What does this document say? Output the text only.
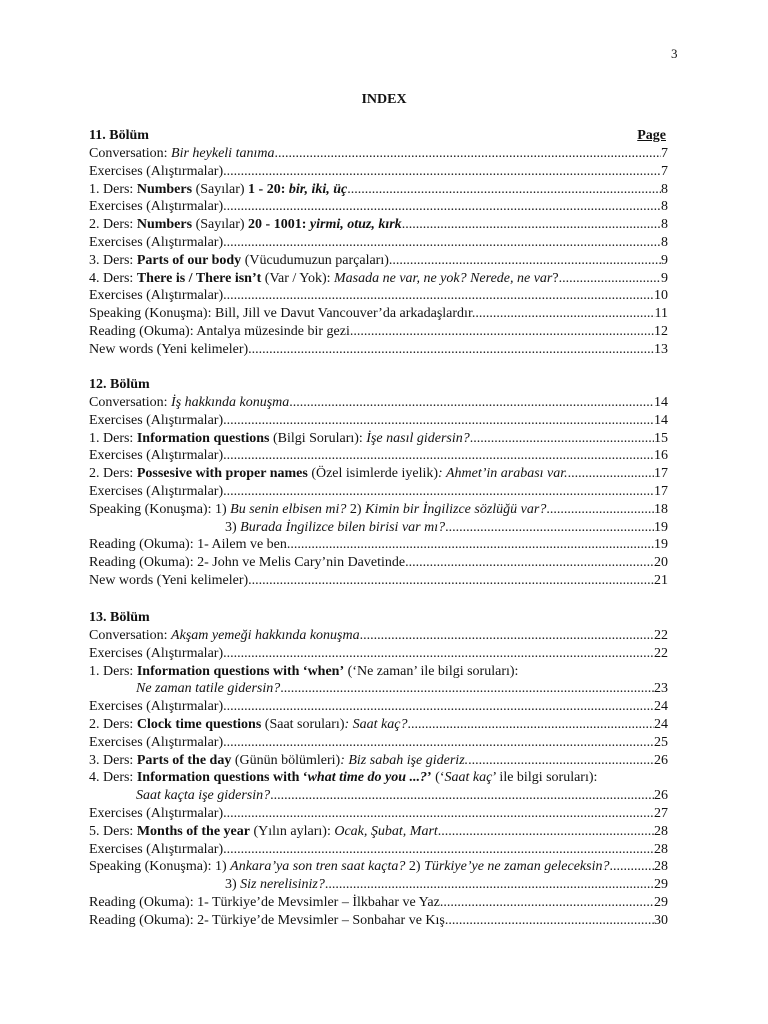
3
INDEX
11. Bölüm	Page
Conversation: Bir heykeli tanıma .....	7
Exercises (Alıştırmalar) .....	7
1. Ders: Numbers (Sayılar) 1 - 20: bir, iki, üç... .....	8
Exercises (Alıştırmalar) .....	8
2. Ders: Numbers (Sayılar) 20 - 1001: yirmi, otuz, kırk... .....	8
Exercises (Alıştırmalar) .....	8
3. Ders: Parts of our body (Vücudumuzun parçaları) .....	9
4. Ders: There is / There isn’t (Var / Yok): Masada ne var, ne yok? Nerede, ne var? .....	9
Exercises (Alıştırmalar) .....	10
Speaking (Konuşma): Bill, Jill ve Davut Vancouver’da arkadaşlardır. .....	11
Reading (Okuma): Antalya müzesinde bir gezi .....	12
New words (Yeni kelimeler) .....	13
12. Bölüm
Conversation: İş hakkında konuşma .....	14
Exercises (Alıştırmalar) .....	14
1. Ders: Information questions (Bilgi Soruları): İşe nasıl gidersin? .....	15
Exercises (Alıştırmalar) .....	16
2. Ders: Possesive with proper names (Özel isimlerde iyelik): Ahmet’in arabası var. .....	17
Exercises (Alıştırmalar) .....	17
Speaking (Konuşma): 1) Bu senin elbisen mi? 2) Kimin bir İngilizce sözlüğü var? .....	18
3) Burada İngilizce bilen birisi var mı? .....	19
Reading (Okuma): 1- Ailem ve ben .....	19
Reading (Okuma): 2- John ve Melis Cary’nin Davetinde .....	20
New words (Yeni kelimeler) .....	21
13. Bölüm
Conversation: Akşam yemeği hakkında konuşma .....	22
Exercises (Alıştırmalar) .....	22
1. Ders: Information questions with ‘when’ (‘Ne zaman’ ile bilgi soruları):
Ne zaman tatile gidersin? .....	23
Exercises (Alıştırmalar) .....	24
2. Ders: Clock time questions (Saat soruları): Saat kaç? .....	24
Exercises (Alıştırmalar) .....	25
3. Ders: Parts of the day (Günün bölümleri): Biz sabah işe gideriz. .....	26
4. Ders: Information questions with ‘what time do you ...?’ (‘Saat kaç’ ile bilgi soruları):
Saat kaçta işe gidersin? .....	26
Exercises (Alıştırmalar) .....	27
5. Ders: Months of the year (Yılın ayları): Ocak, Şubat, Mart... .....	28
Exercises (Alıştırmalar) .....	28
Speaking (Konuşma): 1) Ankara’ya son tren saat kaçta? 2) Türkiye’ye ne zaman geleceksin? .....	28
3) Siz nerelisiniz? .....	29
Reading (Okuma): 1- Türkiye’de Mevsimler – İlkbahar ve Yaz .....	29
Reading (Okuma): 2- Türkiye’de Mevsimler – Sonbahar ve Kış .....	30
